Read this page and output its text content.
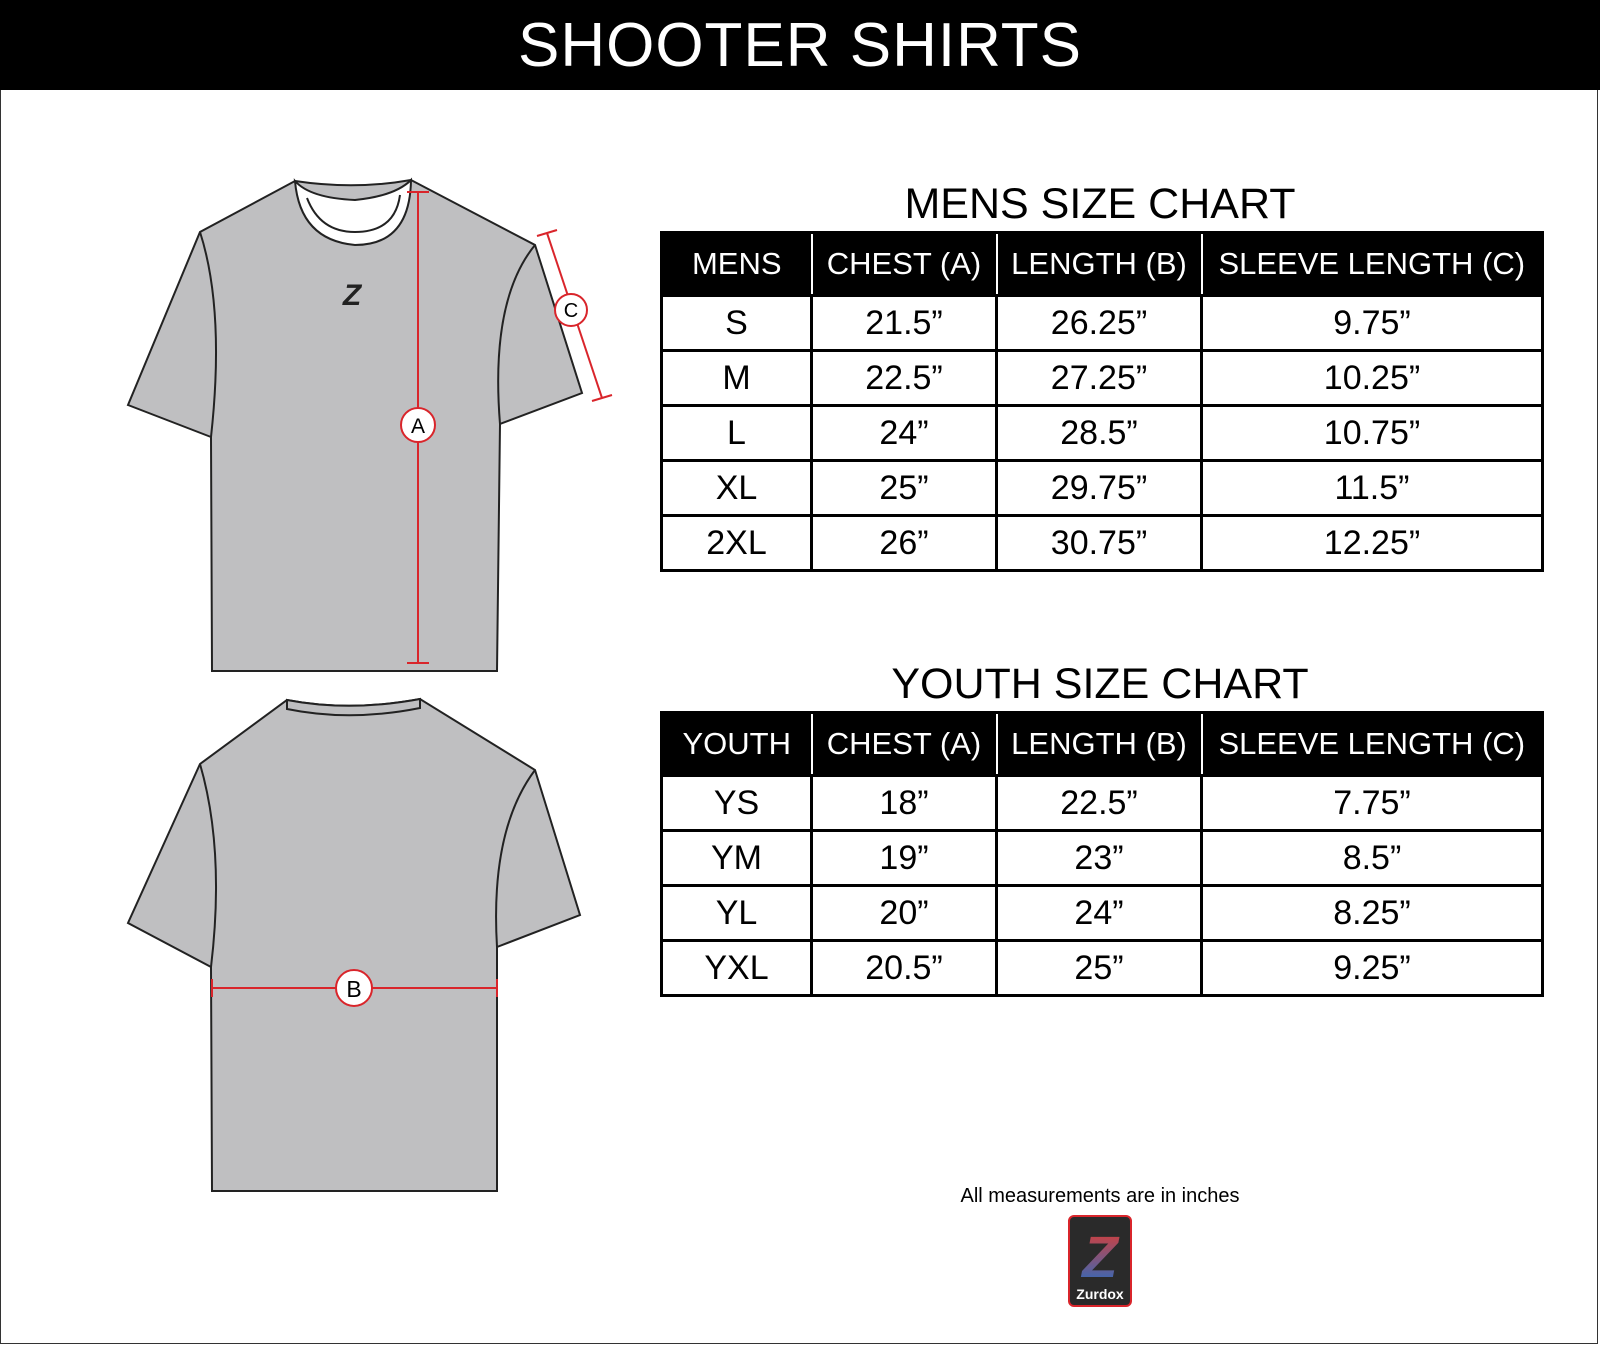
SHOOTER SHIRTS
Z
A
C
B
MENS SIZE CHART
MENS	CHEST (A)	LENGTH (B)	SLEEVE LENGTH (C)
S	21.5”	26.25”	9.75”
M	22.5”	27.25”	10.25”
L	24”	28.5”	10.75”
XL	25”	29.75”	11.5”
2XL	26”	30.75”	12.25”
YOUTH SIZE CHART
YOUTH	CHEST (A)	LENGTH (B)	SLEEVE LENGTH (C)
YS	18”	22.5”	7.75”
YM	19”	23”	8.5”
YL	20”	24”	8.25”
YXL	20.5”	25”	9.25”
All measurements are in inches
Z
Zurdox
